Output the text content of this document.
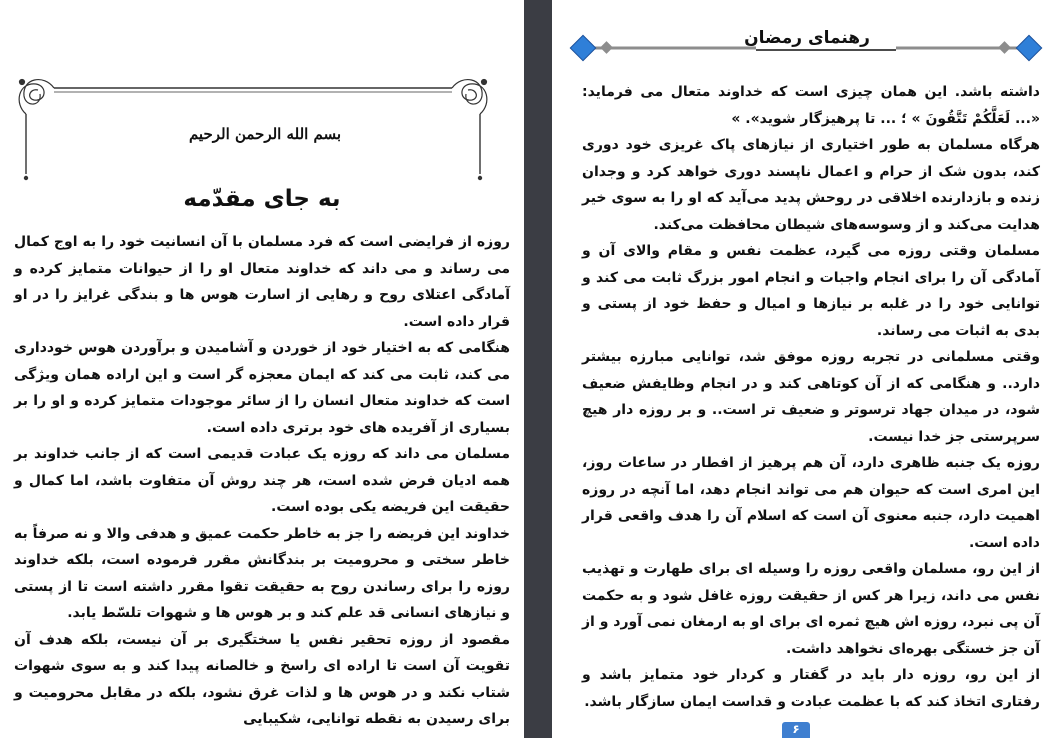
بسم الله الرحمن الرحیم
به جای مقدّمه

روزه از فرایضی است که فرد مسلمان با آن انسانیت خود را به اوج کمال می رساند و می داند که خداوند متعال او را از حیوانات متمایز کرده و آمادگی اعتلای روح و رهایی از اسارت هوس ها و بندگی غرایز را در او قرار داده است.

هنگامی که به اختیار خود از خوردن و آشامیدن و برآوردن هوس خودداری می کند، ثابت می کند که ایمان معجزه گر است و این اراده همان ویژگی است که خداوند متعال انسان را از سائر موجودات متمایز کرده و او را بر بسیاری از آفریده های خود برتری داده است.

مسلمان می داند که روزه یک عبادت قدیمی است که از جانب خداوند بر همه ادیان فرض شده است، هر چند روش آن متفاوت باشد، اما کمال و حقیقت این فریضه یکی بوده است.

خداوند این فریضه را جز به خاطر حکمت عمیق و هدفی والا و نه صرفاً به خاطر سختی و محرومیت بر بندگانش مقرر فرموده است، بلکه خداوند روزه را برای رساندن روح به حقیقت تقوا مقرر داشته است تا از پستی و نیازهای انسانی قد علم کند و بر هوس ها و شهوات تلسّط یابد.

مقصود از روزه تحقیر نفس یا سختگیری بر آن نیست، بلکه هدف آن تقویت آن است تا اراده ای راسخ و خالصانه پیدا کند و به سوی شهوات شتاب نکند و در هوس ها و لذات غرق نشود، بلکه در مقابل محرومیت و برای رسیدن به نقطه توانایی، شکیبایی

رهنمای رمضان

داشته باشد. این همان چیزی است که خداوند متعال می فرماید: «... لَعَلَّكُمْ تَتَّقُونَ » ؛ ... تا پرهیزگار شوید». »

هرگاه مسلمان به طور اختیاری از نیازهای پاک غریزی خود دوری کند، بدون شک از حرام و اعمال ناپسند دوری خواهد کرد و وجدان زنده و بازدارنده اخلاقی در روحش پدید می‌آید که او را به سوی خیر هدایت می‌کند و از وسوسه‌های شیطان محافظت می‌کند.

مسلمان وقتی روزه می گیرد، عظمت نفس و مقام والای آن و آمادگی آن را برای انجام واجبات و انجام امور بزرگ ثابت می کند و توانایی خود را در غلبه بر نیازها و امیال و حفظ خود از پستی و بدی به اثبات می رساند.

وقتی مسلمانی در تجربه روزه موفق شد، توانایی مبارزه بیشتر دارد.. و هنگامی که از آن کوتاهی کند و در انجام وظایفش ضعیف شود، در میدان جهاد ترسوتر و ضعیف تر است.. و بر روزه دار هیچ سرپرستی جز خدا نیست.

روزه یک جنبه ظاهری دارد، آن هم پرهیز از افطار در ساعات روز، این امری است که حیوان هم می تواند انجام دهد، اما آنچه در روزه اهمیت دارد، جنبه معنوی آن است که اسلام آن را هدف واقعی قرار داده است.

از این رو، مسلمان واقعی روزه را وسیله ای برای طهارت و تهذیب نفس می داند، زیرا هر کس از حقیقت روزه غافل شود و به حکمت آن پی نبرد، روزه اش هیچ ثمره ای برای او به ارمغان نمی آورد و از آن جز خستگی بهره‌ای نخواهد داشت.

از این رو، روزه دار باید در گفتار و کردار خود متمایز باشد و رفتاری اتخاذ کند که با عظمت عبادت و قداست ایمان سازگار باشد.

۶
